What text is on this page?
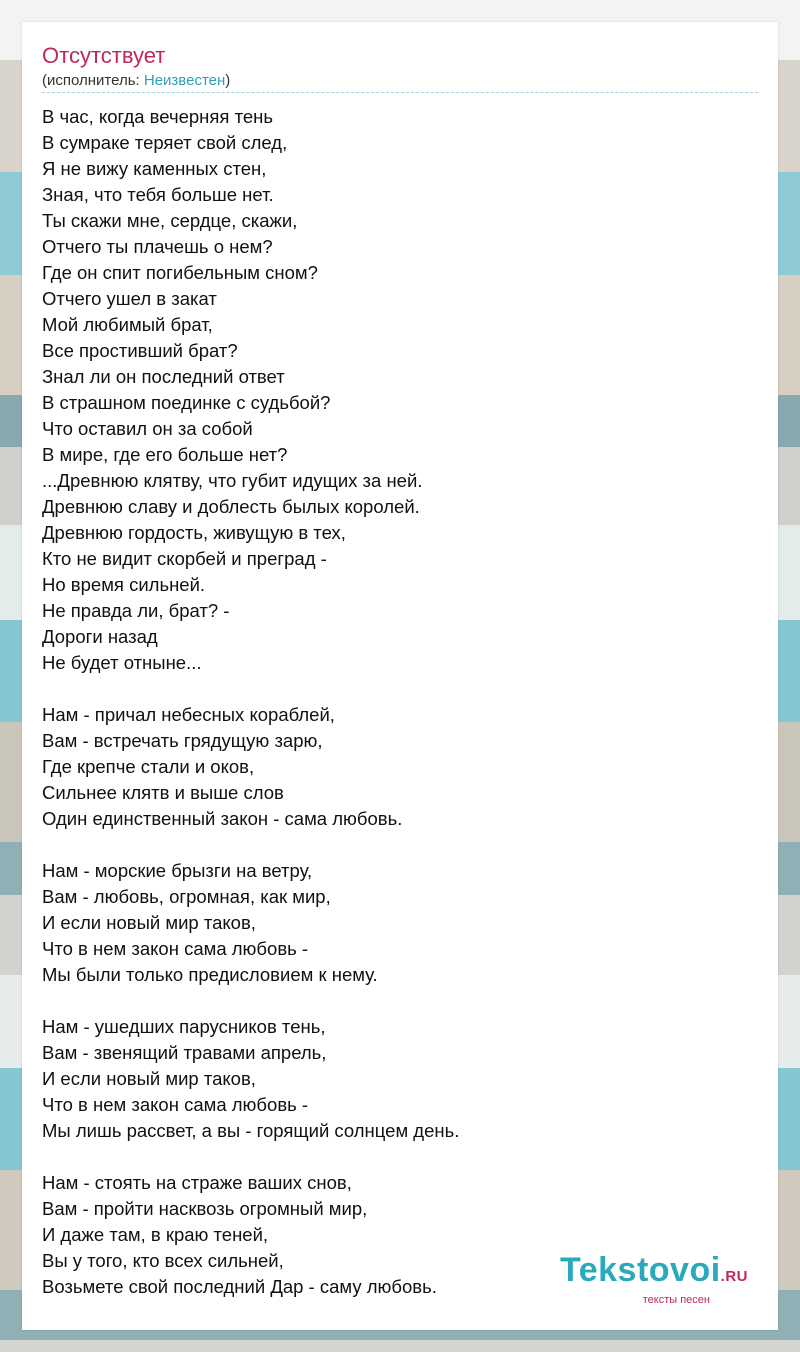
Отсутствует
(исполнитель: Неизвестен)
В час, когда вечерняя тень
В сумраке теряет свой след,
Я не вижу каменных стен,
Зная, что тебя больше нет.
Ты скажи мне, сердце, скажи,
Отчего ты плачешь о нем?
Где он спит погибельным сном?
Отчего ушел в закат
Мой любимый брат,
Все простивший брат?
Знал ли он последний ответ
В страшном поединке с судьбой?
Что оставил он за собой
В мире, где его больше нет?
...Древнюю клятву, что губит идущих за ней.
Древнюю славу и доблесть былых королей.
Древнюю гордость, живущую в тех,
Кто не видит скорбей и преград -
Но время сильней.
Не правда ли, брат? -
Дороги назад
Не будет отныне...
Нам - причал небесных кораблей,
Вам - встречать грядущую зарю,
Где крепче стали и оков,
Сильнее клятв и выше слов
Один единственный закон - сама любовь.
Нам - морские брызги на ветру,
Вам - любовь, огромная, как мир,
И если новый мир таков,
Что в нем закон сама любовь -
Мы были только предисловием к нему.
Нам - ушедших парусников тень,
Вам - звенящий травами апрель,
И если новый мир таков,
Что в нем закон сама любовь -
Мы лишь рассвет, а вы - горящий солнцем день.
Нам - стоять на страже ваших снов,
Вам - пройти насквозь огромный мир,
И даже там, в краю теней,
Вы у того, кто всех сильней,
Возьмете свой последний Дар - саму любовь.	Tekstovoi.RU
тексты песен
